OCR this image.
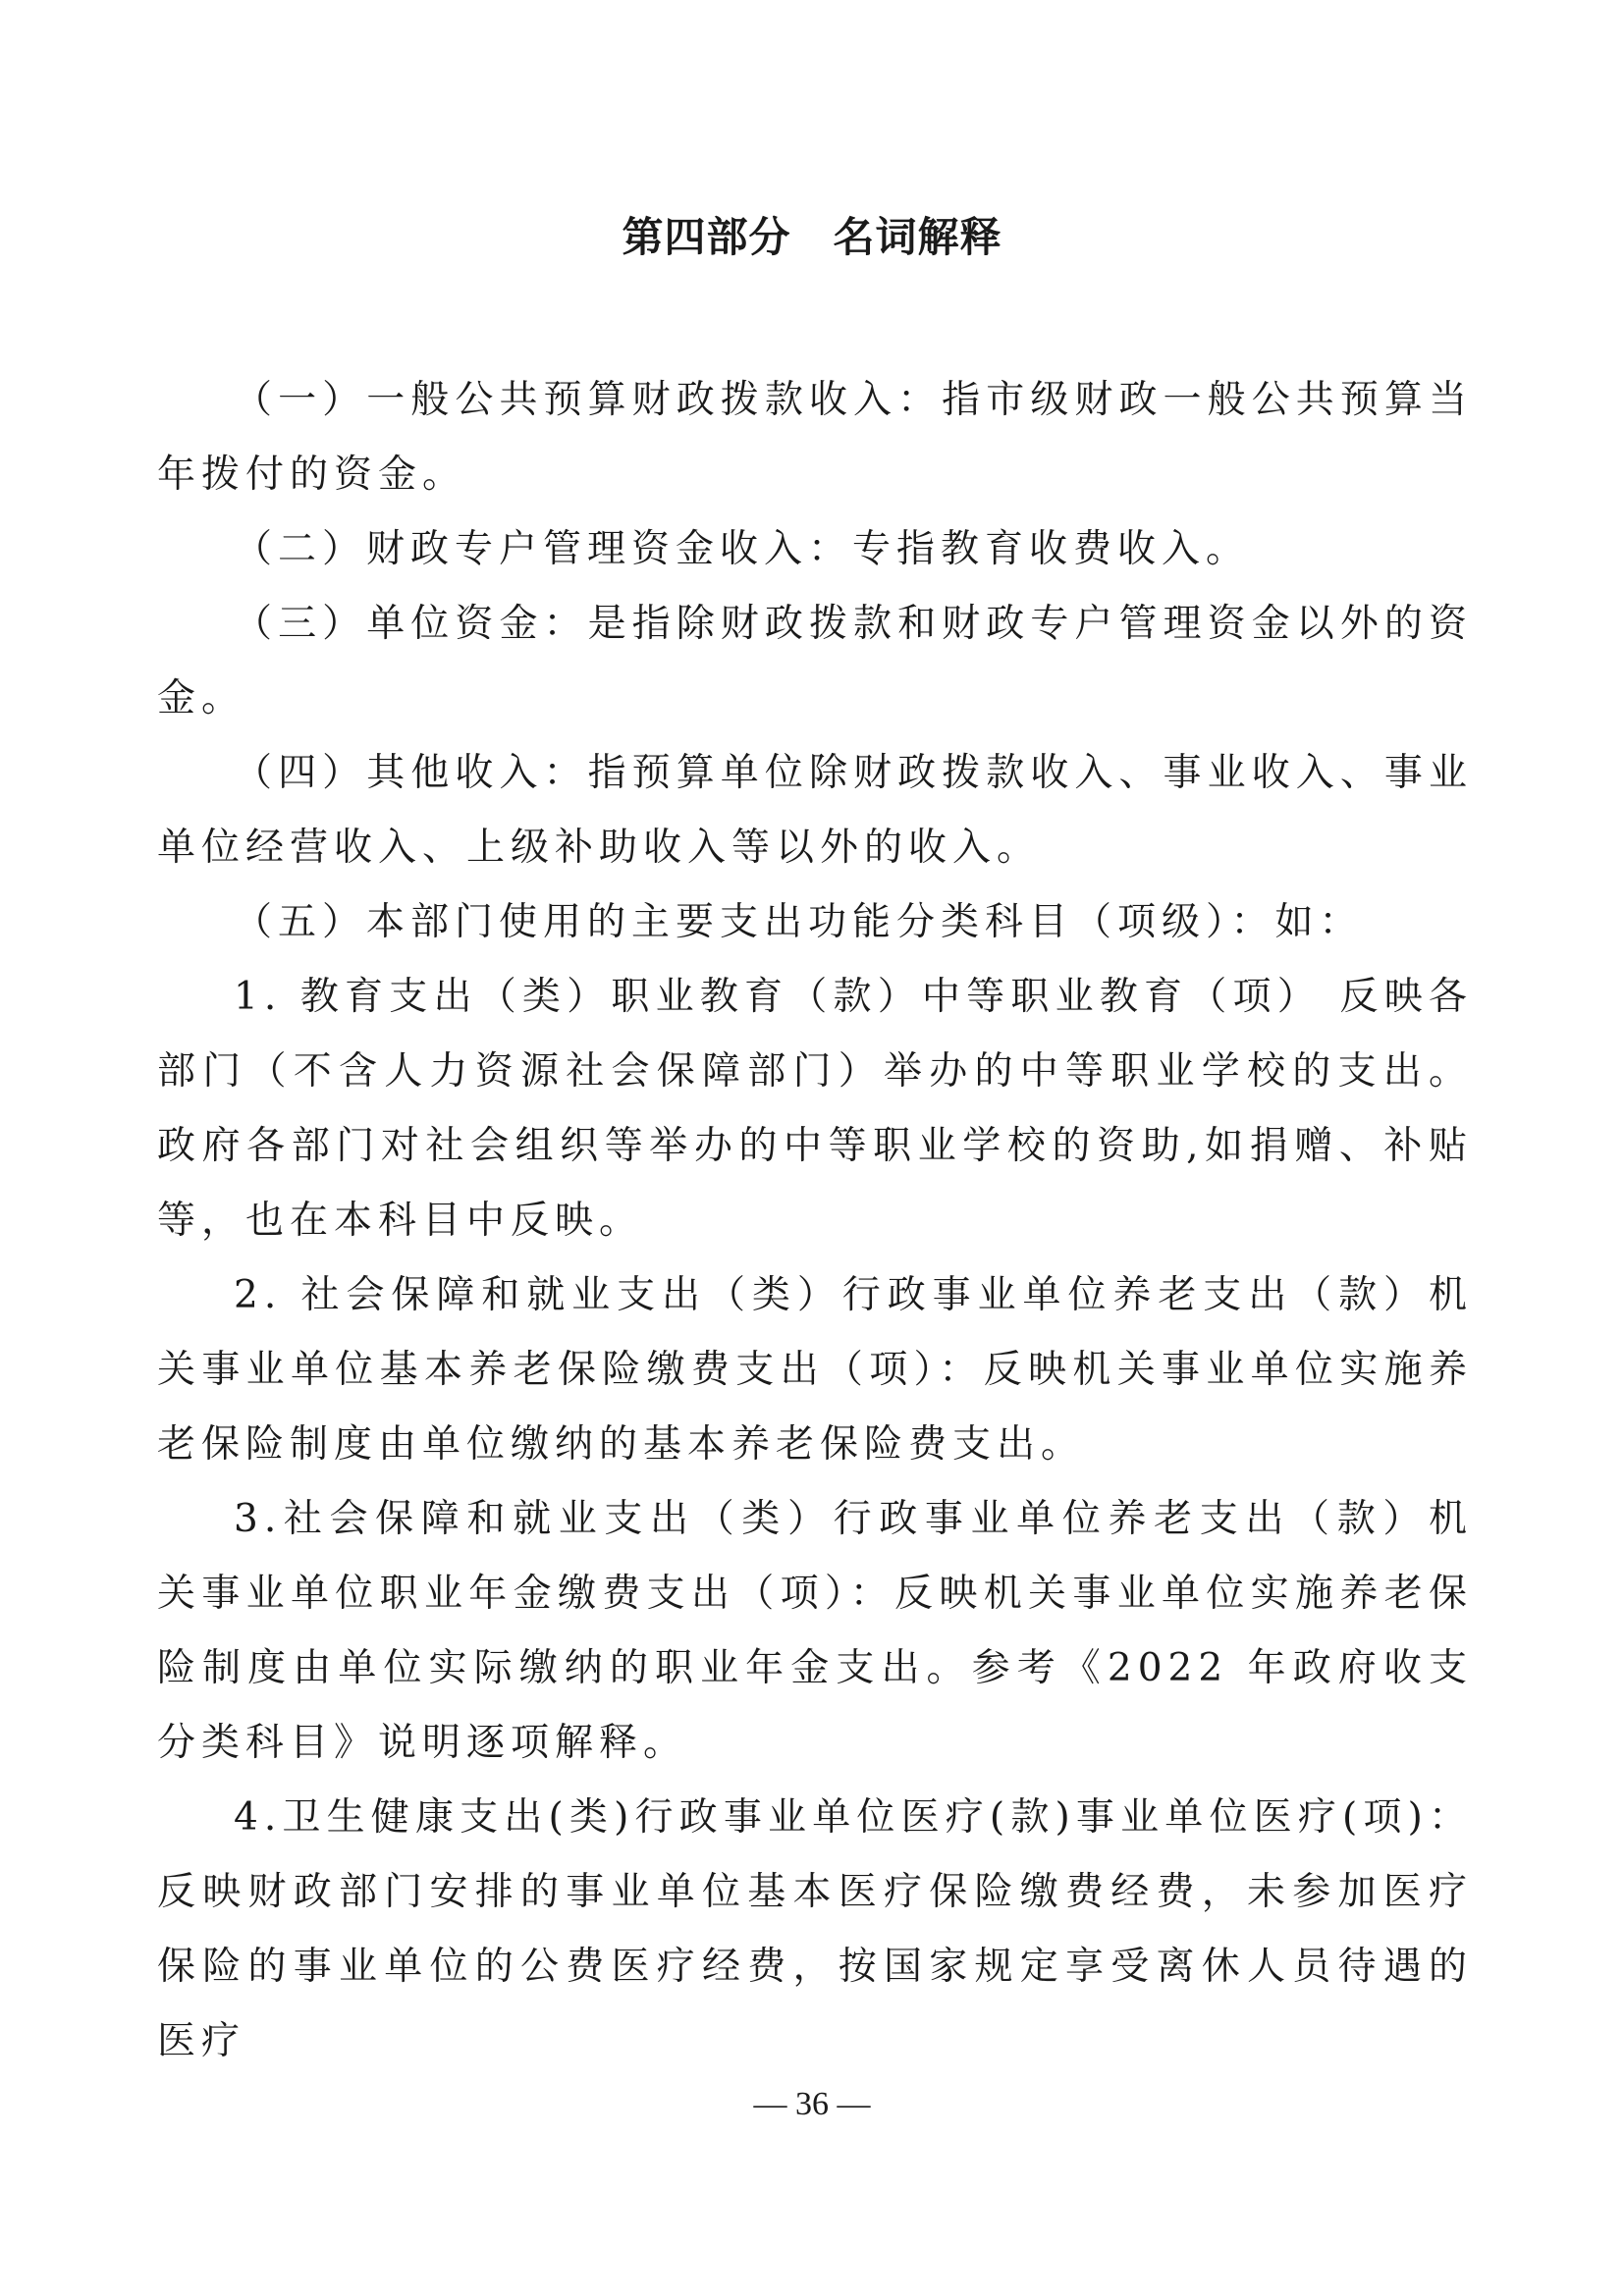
第四部分　名词解释

（一）一般公共预算财政拨款收入：指市级财政一般公共预算当年拨付的资金。

（二）财政专户管理资金收入：专指教育收费收入。

（三）单位资金：是指除财政拨款和财政专户管理资金以外的资金。

（四）其他收入：指预算单位除财政拨款收入、事业收入、事业单位经营收入、上级补助收入等以外的收入。

（五）本部门使用的主要支出功能分类科目（项级）：如：

1. 教育支出（类）职业教育（款）中等职业教育（项） 反映各部门（不含人力资源社会保障部门）举办的中等职业学校的支出。政府各部门对社会组织等举办的中等职业学校的资助,如捐赠、补贴等，也在本科目中反映。

2. 社会保障和就业支出（类）行政事业单位养老支出（款）机关事业单位基本养老保险缴费支出（项）：反映机关事业单位实施养老保险制度由单位缴纳的基本养老保险费支出。

3.社会保障和就业支出（类）行政事业单位养老支出（款）机关事业单位职业年金缴费支出（项）：反映机关事业单位实施养老保险制度由单位实际缴纳的职业年金支出。参考《2022 年政府收支分类科目》说明逐项解释。

4.卫生健康支出(类)行政事业单位医疗(款)事业单位医疗(项)：反映财政部门安排的事业单位基本医疗保险缴费经费，未参加医疗保险的事业单位的公费医疗经费，按国家规定享受离休人员待遇的医疗

— 36 —
